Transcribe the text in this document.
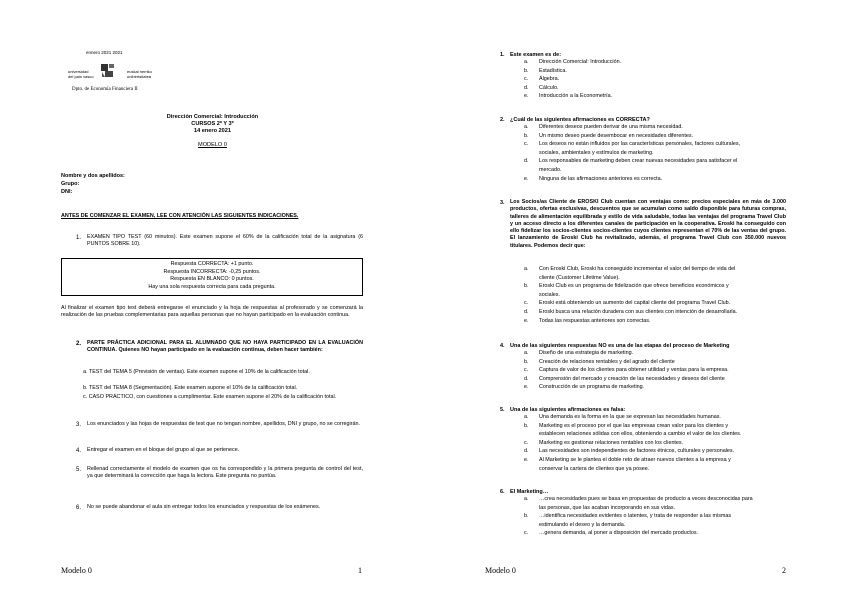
ennero 2021 2021
universidad
del país vasco
euskal herriko
unibertsitatea
Dpto. de Economía Financiera II
Dirección Comercial: Introducción
CURSOS 2º Y 3º
14 enero 2021
MODELO 0
Nombre y dos apellidos:
Grupo:
DNI:
ANTES DE COMENZAR EL EXAMEN, LEE CON ATENCIÓN LAS SIGUIENTES INDICACIONES.
1. EXAMEN TIPO TEST (60 minutos). Este examen supone el 60% de la calificación total de la asignatura (6 PUNTOS SOBRE 10).
Respuesta CORRECTA: +1 punto.
Respuesta INCORRECTA: -0,25 puntos.
Respuesta EN BLANCO: 0 puntos.
Hay una sola respuesta correcta para cada pregunta.
Al finalizar el examen tipo test deberá entregarse el enunciado y la hoja de respuestas al profesorado y se comenzará la realización de las pruebas complementarias para aquellas personas que no hayan participado en la evaluación continua.
2. PARTE PRÁCTICA ADICIONAL PARA EL ALUMNADO QUE NO HAYA PARTICIPADO EN LA EVALUACIÓN CONTINUA. Quienes NO hayan participado en la evaluación continua, deben hacer también:
a. TEST del TEMA 5 (Previsión de ventas). Este examen supone el 10% de la calificación total.
b. TEST del TEMA 8 (Segmentación). Este examen supone el 10% de la calificación total.
c. CASO PRÁCTICO, con cuestiones a cumplimentar. Este examen supone el 20% de la calificación total.
3. Los enunciados y las hojas de respuestas de test que no tengan nombre, apellidos, DNI y grupo, no se corregirán.
4. Entregar el examen en el bloque del grupo al que se pertenece.
5. Rellenad correctamente el modelo de examen que os ha correspondido y la primera pregunta de control del test, ya que determinará la corrección que haga la lectora. Este pregunta no puntúa.
6. No se puede abandonar el aula sin entregar todos los enunciados y respuestas de los exámenes.
Modelo 0	1
1. Este examen es de:
a. Dirección Comercial: Introducción.
b. Estadística.
c. Álgebra.
d. Cálculo.
e. Introducción a la Econometría.
2. ¿Cuál de las siguientes afirmaciones es CORRECTA?
a. Diferentes deseos pueden derivar de una misma necesidad.
b. Un mismo deseo puede desembocar en necesidades diferentes.
c. Los deseos no están influidos por las características personales, factores culturales,
sociales, ambientales y estímulos de marketing.
d. Los responsables de marketing deben crear nuevas necesidades para satisfacer el
mercado.
e. Ninguna de las afirmaciones anteriores es correcta.
3. Los Socios/as Cliente de EROSKI Club cuentan con ventajas como: precios especiales en más de 3.000 productos, ofertas exclusivas, descuentos que se acumulan como saldo disponible para futuras compras, talleres de alimentación equilibrada y estilo de vida saludable, todas las ventajas del programa Travel Club y un acceso directo a los diferentes canales de participación en la cooperativa. Eroski ha conseguido con ello fidelizar los socios-clientes socios-clientes cuyos clientes representan el 70% de las ventas del grupo. El lanzamiento de Eroski Club ha revitalizado, además, el programa Travel Club con 350.000 nuevos titulares. Podemos decir que:
a. Con Eroski Club, Eroski ha conseguido incrementar el valor del tiempo de vida del
cliente (Customer Lifetime Value).
b. Eroski Club es un programa de fidelización que ofrece beneficios económicos y
sociales.
c. Eroski está obteniendo un aumento del capital cliente del programa Travel Club.
d. Eroski busca una relación duradera con sus clientes con intención de desarrollarla.
e. Todas las respuestas anteriores son correctas.
4. Una de las siguientes respuestas NO es una de las etapas del proceso de Marketing
a. Diseño de una estrategia de marketing.
b. Creación de relaciones rentables y del agrado del cliente
c. Captura de valor de los clientes para obtener utilidad y ventas para la empresa.
d. Comprensión del mercado y creación de las necesidades y deseos del cliente
e. Construcción de un programa de marketing.
5. Una de las siguientes afirmaciones es falsa:
a. Una demanda es la forma en la que se expresan las necesidades humanas.
b. Marketing es el proceso por el que las empresas crean valor para los clientes y
establecen relaciones sólidas con ellos, obteniendo a cambio el valor de los clientes.
c. Marketing es gestionar relaciones rentables con los clientes.
d. Las necesidades son independientes de factores étnicos, culturales y personales.
e. Al Marketing se le plantea el doble reto de atraer nuevos clientes a la empresa y
conservar la cartera de clientes que ya posee.
6. El Marketing…
a. …crea necesidades pues se basa en propuestas de producto a veces desconocidas para
las personas, que las acaban incorporando en sus vidas.
b. …identifica necesidades evidentes o latentes, y trata de responder a las mismas
estimulando el deseo y la demanda.
c. …genera demanda, al poner a disposición del mercado productos.
Modelo 0	2
